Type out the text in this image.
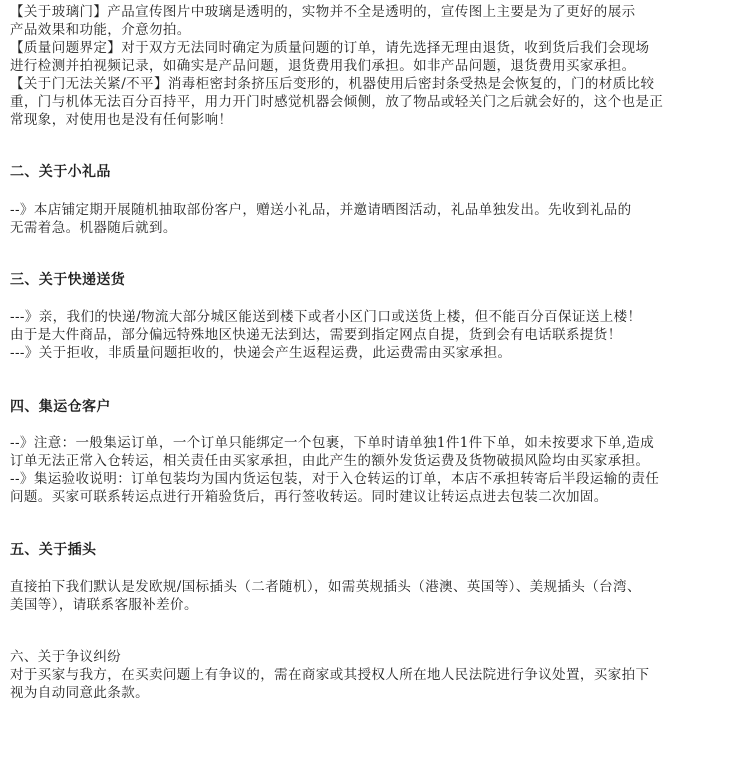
【关于玻璃门】产品宣传图片中玻璃是透明的，实物并不全是透明的，宣传图上主要是为了更好的展示
产品效果和功能，介意勿拍。
【质量问题界定】对于双方无法同时确定为质量问题的订单，请先选择无理由退货，收到货后我们会现场
进行检测并拍视频记录，如确实是产品问题，退货费用我们承担。如非产品问题，退货费用买家承担。
【关于门无法关紧/不平】消毒柜密封条挤压后变形的，机器使用后密封条受热是会恢复的，门的材质比较
重，门与机体无法百分百持平，用力开门时感觉机器会倾侧，放了物品或轻关门之后就会好的，这个也是正
常现象，对使用也是没有任何影响！
二、关于小礼品
--》本店铺定期开展随机抽取部份客户，赠送小礼品，并邀请晒图活动，礼品单独发出。先收到礼品的
无需着急。机器随后就到。
三、关于快递送货
---》亲，我们的快递/物流大部分城区能送到楼下或者小区门口或送货上楼，但不能百分百保证送上楼！
由于是大件商品，部分偏远特殊地区快递无法到达，需要到指定网点自提，货到会有电话联系提货！
---》关于拒收，非质量问题拒收的，快递会产生返程运费，此运费需由买家承担。
四、集运仓客户
--》注意：一般集运订单，一个订单只能绑定一个包裹，下单时请单独1件1件下单，如未按要求下单,造成
订单无法正常入仓转运，相关责任由买家承担，由此产生的额外发货运费及货物破损风险均由买家承担。
--》集运验收说明：订单包装均为国内货运包装，对于入仓转运的订单，本店不承担转寄后半段运输的责任
问题。买家可联系转运点进行开箱验货后，再行签收转运。同时建议让转运点进去包装二次加固。
五、关于插头
直接拍下我们默认是发欧规/国标插头（二者随机），如需英规插头（港澳、英国等）、美规插头（台湾、
美国等），请联系客服补差价。
六、关于争议纠纷
对于买家与我方，在买卖问题上有争议的，需在商家或其授权人所在地人民法院进行争议处置，买家拍下
视为自动同意此条款。
